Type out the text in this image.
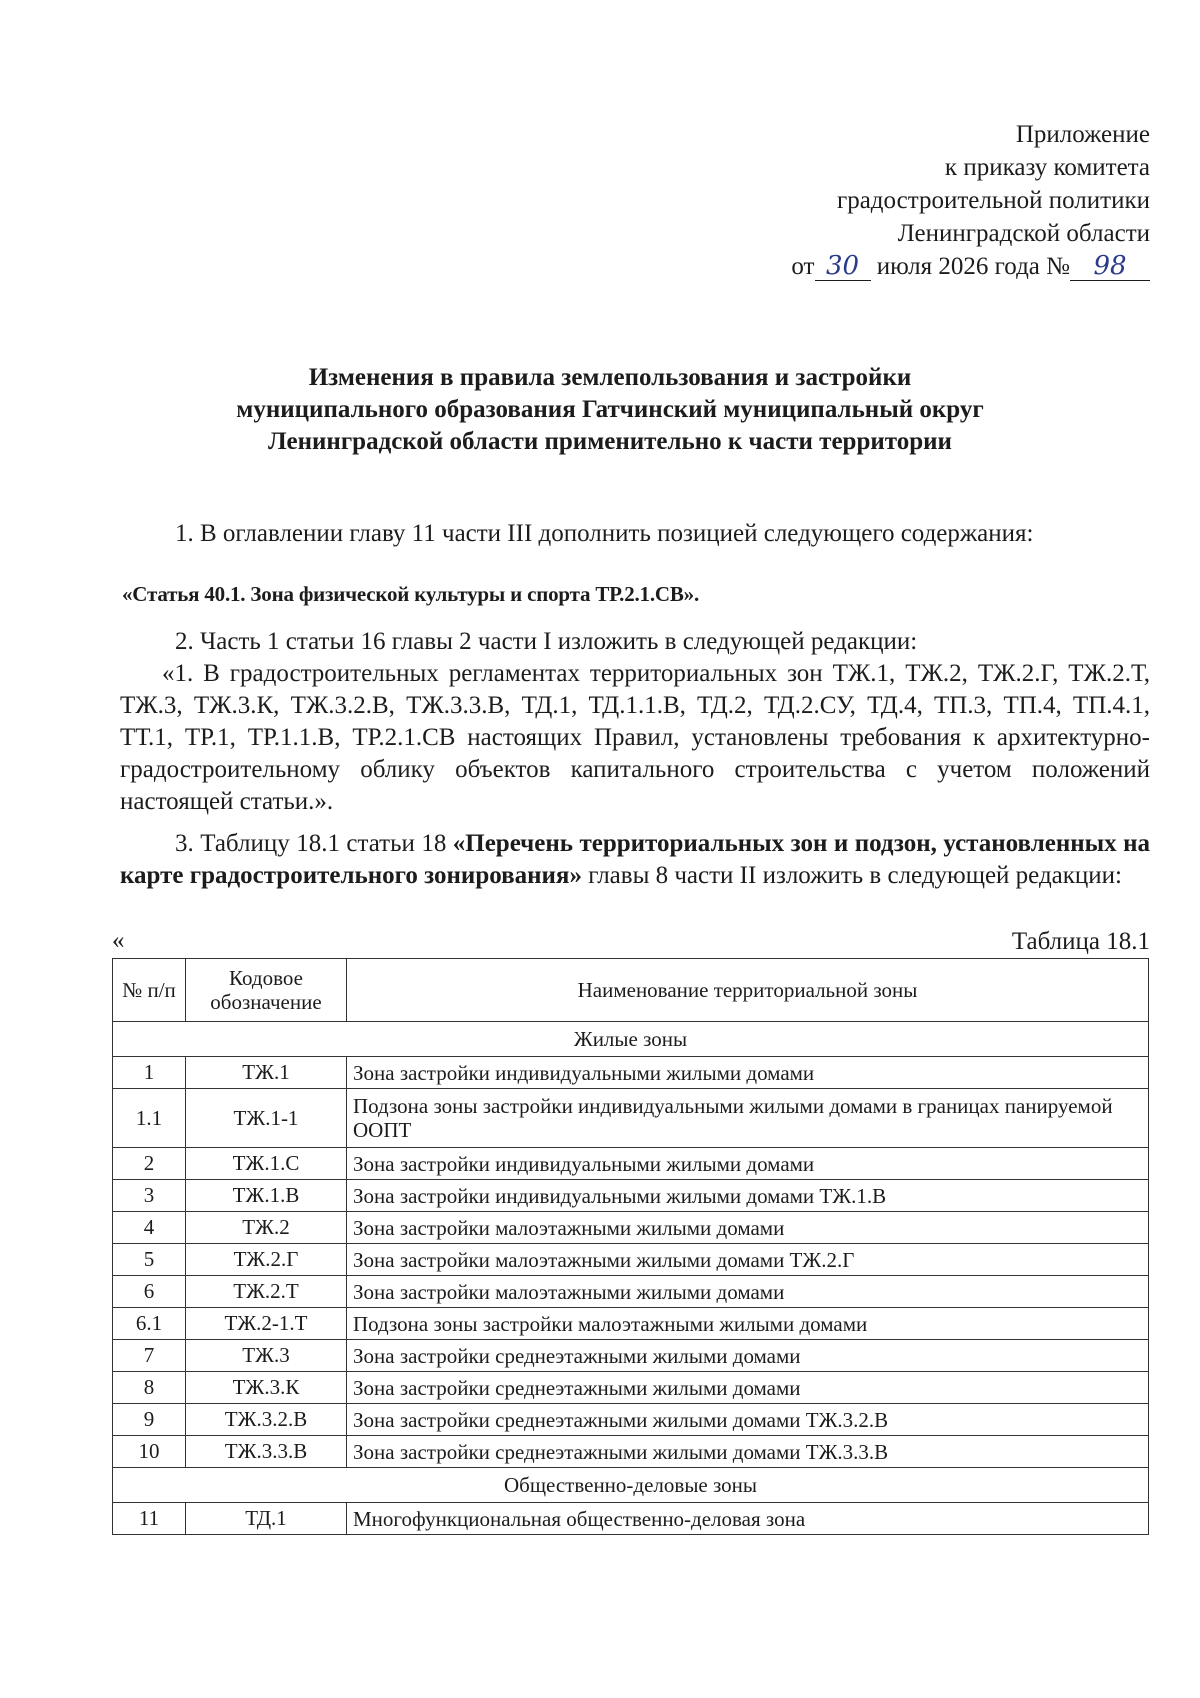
Приложение
к приказу комитета
градостроительной политики
Ленинградской области
от 30 июля 2026 года № 98
Изменения в правила землепользования и застройки
муниципального образования Гатчинский муниципальный округ
Ленинградской области применительно к части территории
1. В оглавлении главу 11 части III дополнить позицией следующего содержания:
«Статья 40.1. Зона физической культуры и спорта ТР.2.1.СВ».
2. Часть 1 статьи 16 главы 2 части I изложить в следующей редакции:
«1. В градостроительных регламентах территориальных зон ТЖ.1, ТЖ.2, ТЖ.2.Г, ТЖ.2.Т, ТЖ.3, ТЖ.3.К, ТЖ.3.2.В, ТЖ.3.3.В, ТД.1, ТД.1.1.В, ТД.2, ТД.2.СУ, ТД.4, ТП.3, ТП.4, ТП.4.1, ТТ.1, ТР.1, ТР.1.1.В, ТР.2.1.СВ настоящих Правил, установлены требования к архитектурно-градостроительному облику объектов капитального строительства с учетом положений настоящей статьи.».
3. Таблицу 18.1 статьи 18 «Перечень территориальных зон и подзон, установленных на карте градостроительного зонирования» главы 8 части II изложить в следующей редакции:
«	Таблица 18.1
№ п/п	Кодовое обозначение	Наименование территориальной зоны
Жилые зоны		
1	ТЖ.1	Зона застройки индивидуальными жилыми домами
1.1	ТЖ.1-1	Подзона зоны застройки индивидуальными жилыми домами в границах панируемой ООПТ
2	ТЖ.1.С	Зона застройки индивидуальными жилыми домами
3	ТЖ.1.В	Зона застройки индивидуальными жилыми домами ТЖ.1.В
4	ТЖ.2	Зона застройки малоэтажными жилыми домами
5	ТЖ.2.Г	Зона застройки малоэтажными жилыми домами ТЖ.2.Г
6	ТЖ.2.Т	Зона застройки малоэтажными жилыми домами
6.1	ТЖ.2-1.Т	Подзона зоны застройки малоэтажными жилыми домами
7	ТЖ.3	Зона застройки среднеэтажными жилыми домами
8	ТЖ.3.К	Зона застройки среднеэтажными жилыми домами
9	ТЖ.3.2.В	Зона застройки среднеэтажными жилыми домами ТЖ.3.2.В
10	ТЖ.3.3.В	Зона застройки среднеэтажными жилыми домами ТЖ.3.3.В
Общественно-деловые зоны		
11	ТД.1	Многофункциональная общественно-деловая зона
